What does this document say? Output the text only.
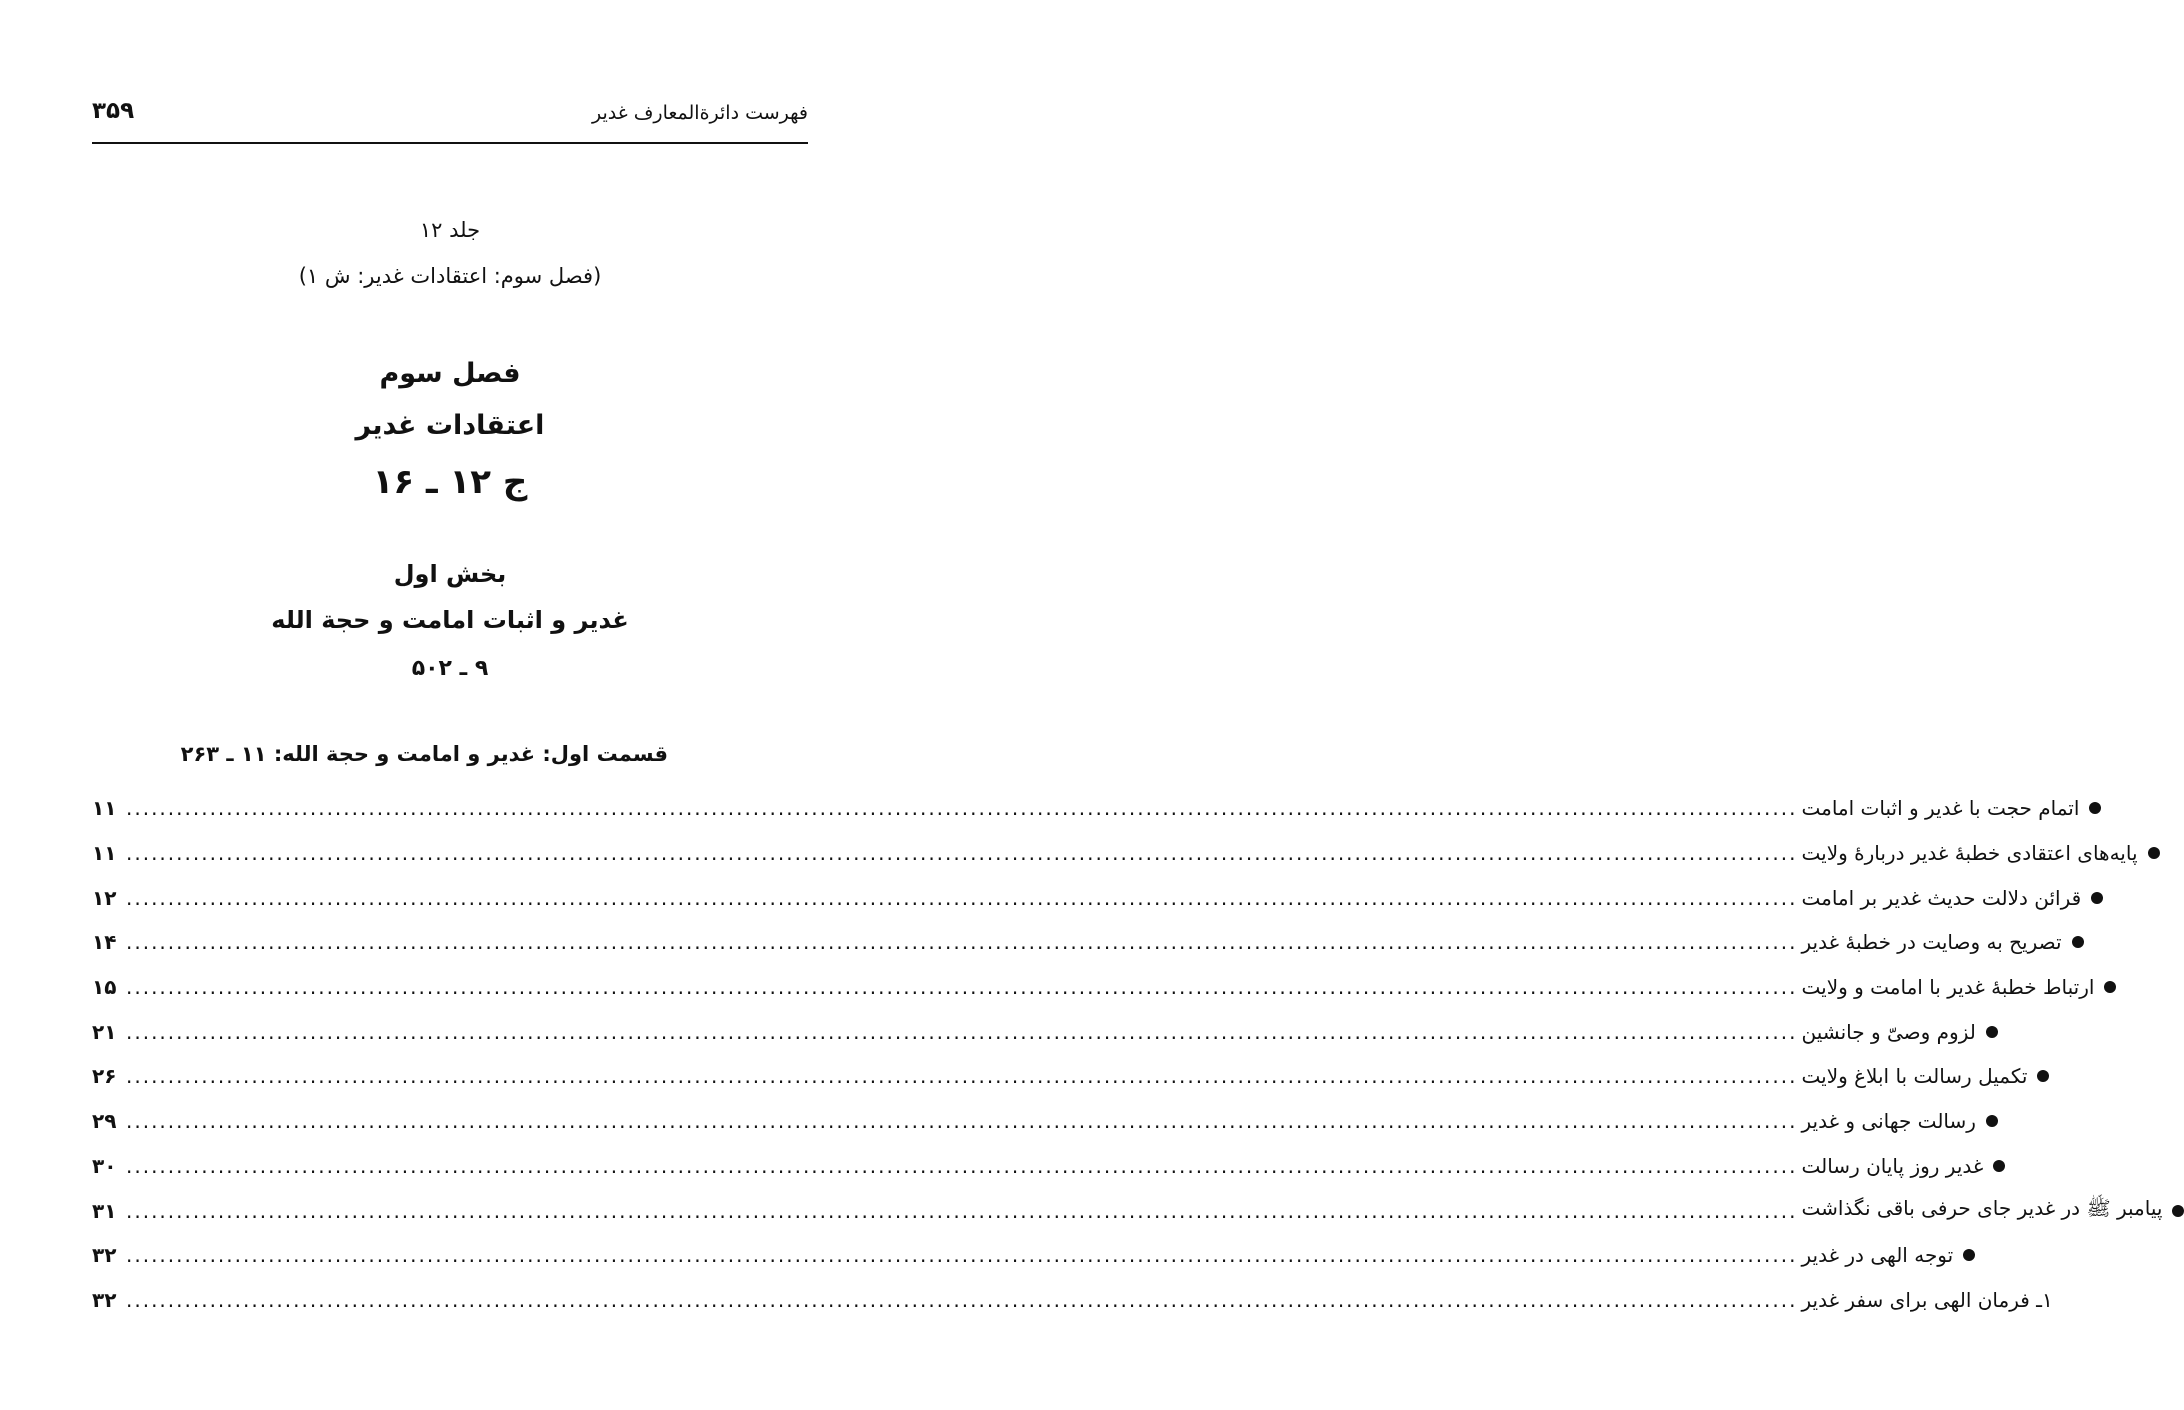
فهرست دائرةالمعارف غدیر
۳۵۹
جلد ۱۲
(فصل سوم: اعتقادات غدیر: ش ۱)
فصل سوم
اعتقادات غدیر
ج ۱۲ ـ ۱۶
بخش اول
غدیر و اثبات امامت و حجة الله
۹ ـ ۵۰۲
قسمت اول: غدیر و امامت و حجة الله: ۱۱ ـ ۲۶۳
۱۱ ........................................................................................................................................................................................................ اتمام حجت با غدیر و اثبات امامت
۱۱ ........................................................................................................................................................................................................ پایه‌های اعتقادی خطبهٔ غدیر دربارهٔ ولایت
۱۲ ........................................................................................................................................................................................................ قرائن دلالت حدیث غدیر بر امامت
۱۴ ........................................................................................................................................................................................................ تصریح به وصایت در خطبهٔ غدیر
۱۵ ........................................................................................................................................................................................................ ارتباط خطبهٔ غدیر با امامت و ولایت
۲۱ ........................................................................................................................................................................................................ لزوم وصیّ و جانشین
۲۶ ........................................................................................................................................................................................................ تکمیل رسالت با ابلاغ ولایت
۲۹ ........................................................................................................................................................................................................ رسالت جهانی و غدیر
۳۰ ........................................................................................................................................................................................................ غدیر روز پایان رسالت
۳۱ ........................................................................................................................................................................................................ پیامبر ﷺ در غدیر جای حرفی باقی نگذاشت
۳۲ ........................................................................................................................................................................................................ توجه الهی در غدیر
۳۲ ........................................................................................................................................................................................................ ۱ـ فرمان الهی برای سفر غدیر
